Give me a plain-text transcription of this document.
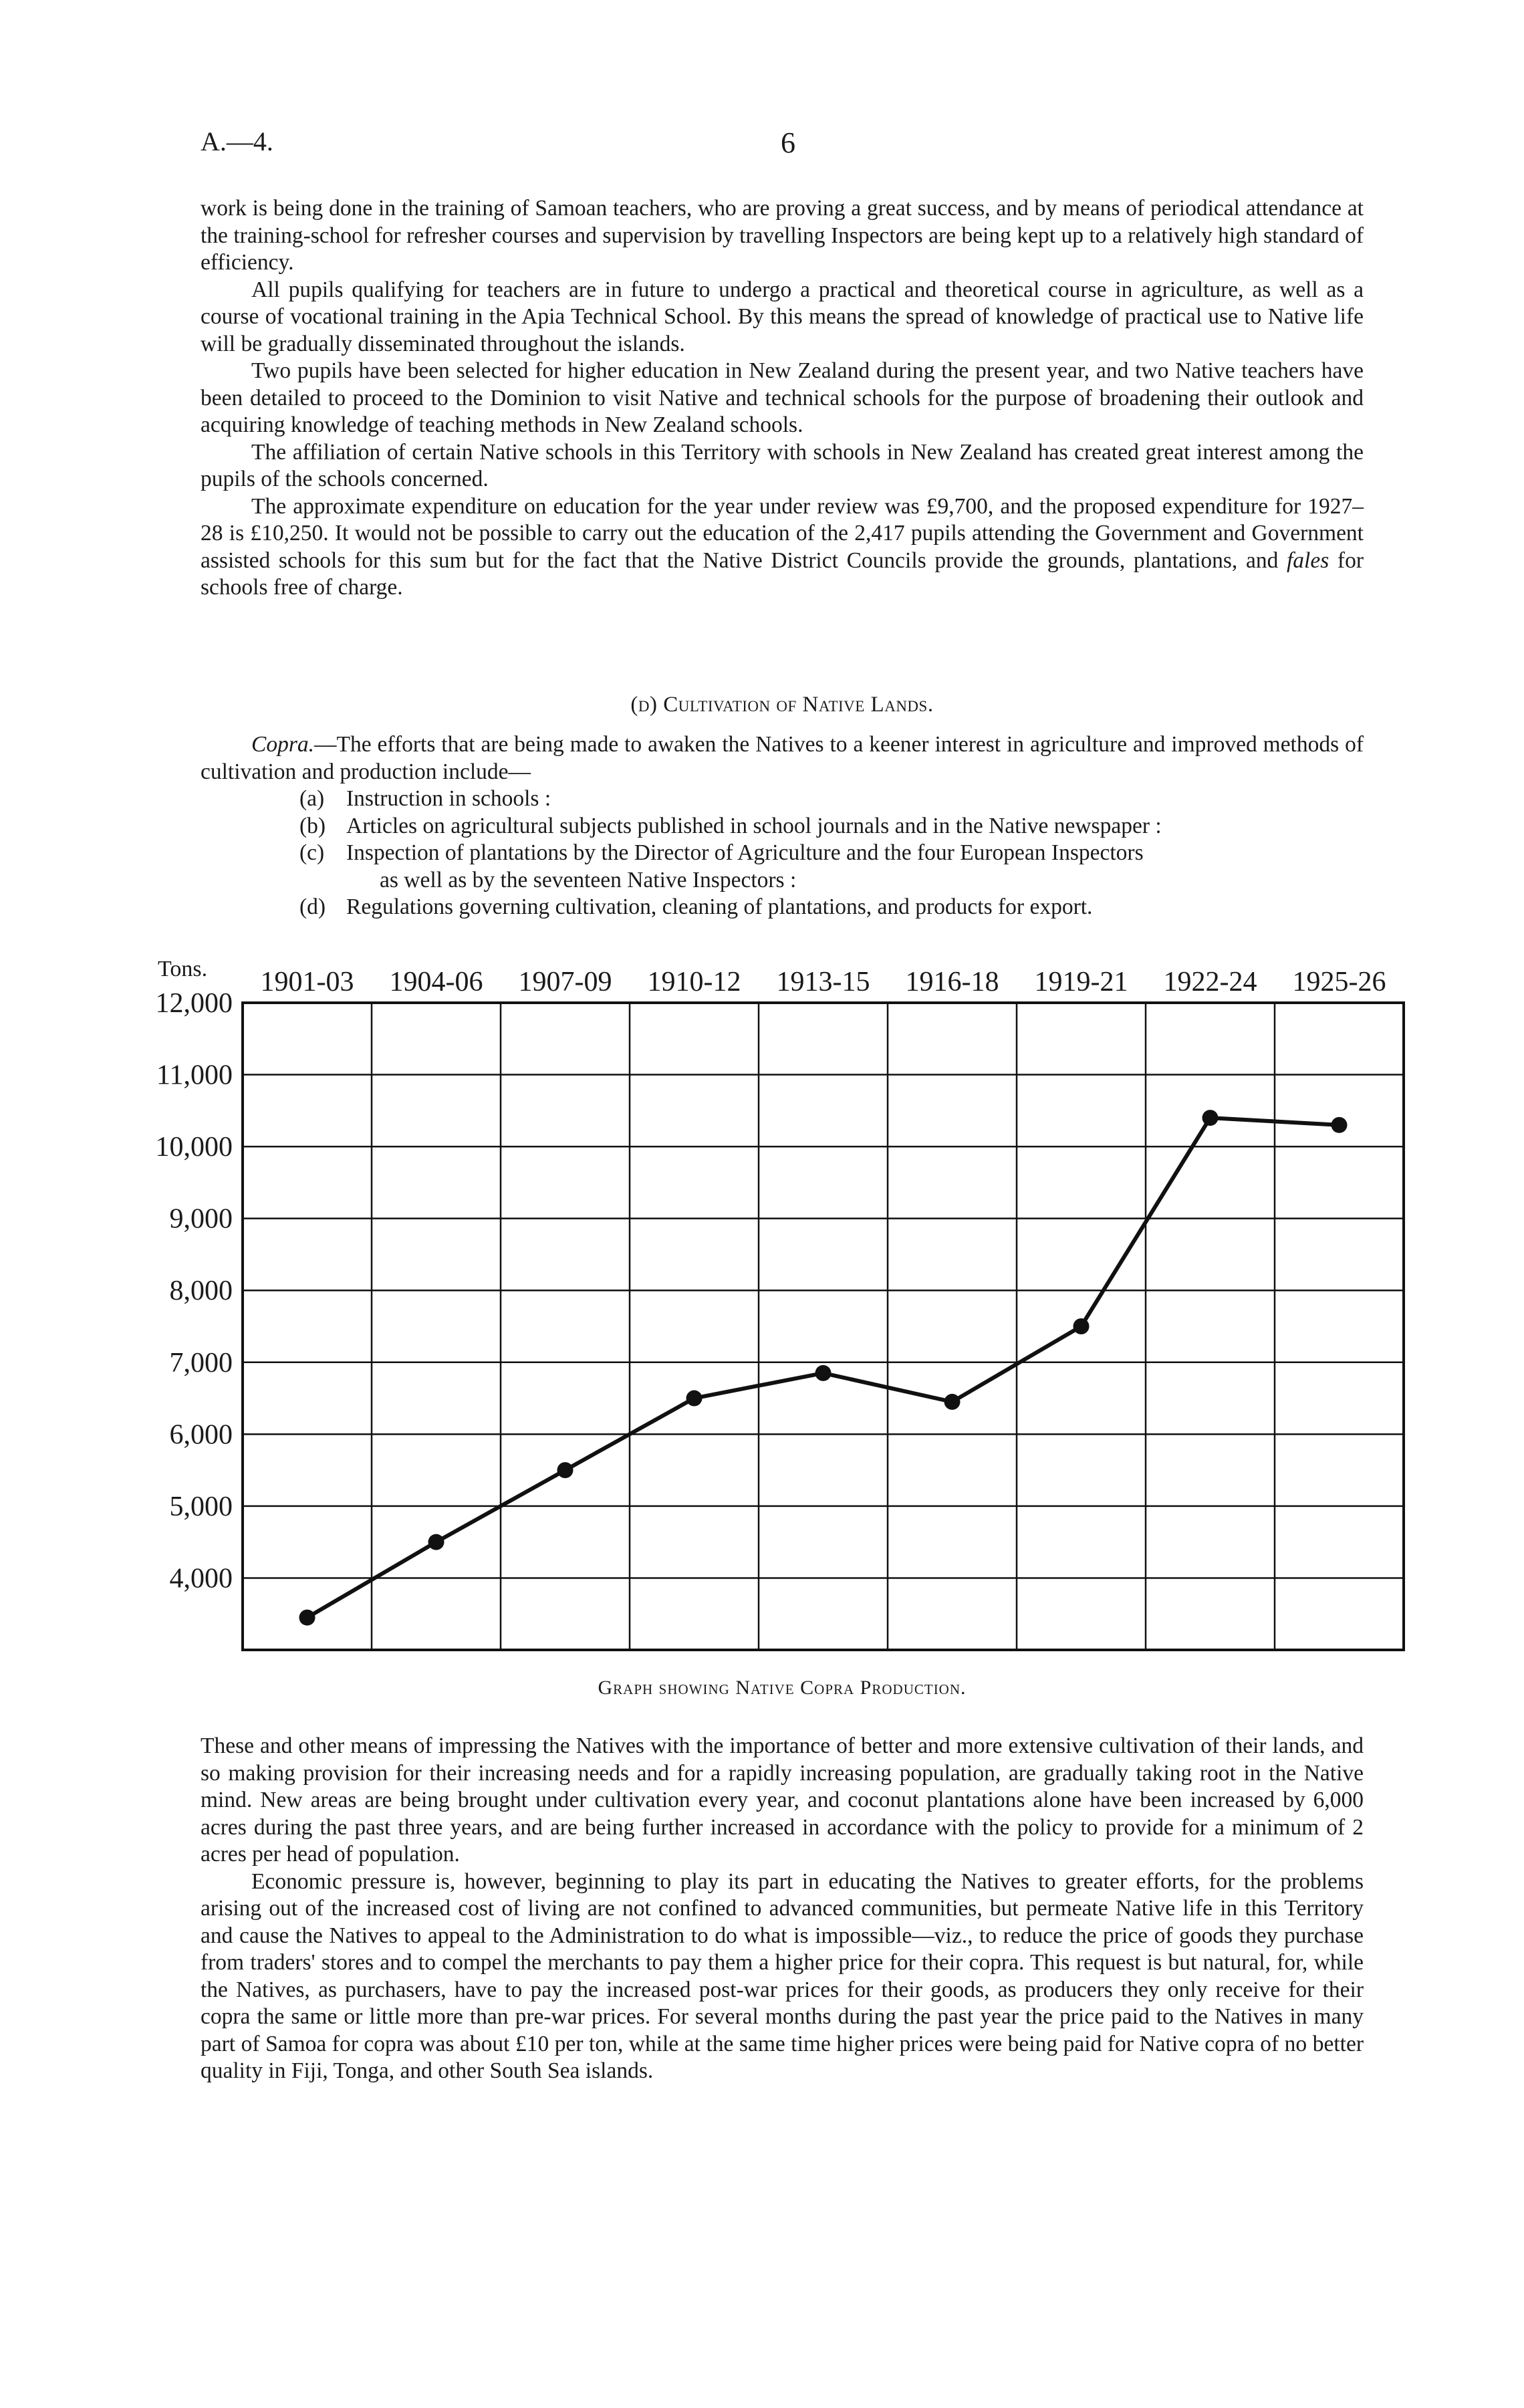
A.—4.	6

work is being done in the training of Samoan teachers, who are proving a great success, and by means of periodical attendance at the training-school for refresher courses and supervision by travelling Inspectors are being kept up to a relatively high standard of efficiency.

All pupils qualifying for teachers are in future to undergo a practical and theoretical course in agriculture, as well as a course of vocational training in the Apia Technical School. By this means the spread of knowledge of practical use to Native life will be gradually disseminated throughout the islands.

Two pupils have been selected for higher education in New Zealand during the present year, and two Native teachers have been detailed to proceed to the Dominion to visit Native and technical schools for the purpose of broadening their outlook and acquiring knowledge of teaching methods in New Zealand schools.

The affiliation of certain Native schools in this Territory with schools in New Zealand has created great interest among the pupils of the schools concerned.

The approximate expenditure on education for the year under review was £9,700, and the proposed expenditure for 1927–28 is £10,250. It would not be possible to carry out the education of the 2,417 pupils attending the Government and Government assisted schools for this sum but for the fact that the Native District Councils provide the grounds, plantations, and fales for schools free of charge.

(d) Cultivation of Native Lands.

Copra.—The efforts that are being made to awaken the Natives to a keener interest in agriculture and improved methods of cultivation and production include—

(a) Instruction in schools :
(b) Articles on agricultural subjects published in school journals and in the Native newspaper :
(c) Inspection of plantations by the Director of Agriculture and the four European Inspectors
as well as by the seventeen Native Inspectors :
(d) Regulations governing cultivation, cleaning of plantations, and products for export.
Tons. 1901-03 1904-06 1907-09 1910-12 1913-15 1916-18 1919-21 1922-24 1925-26
12,000
11,000
10,000
9,000
8,000
7,000
6,000
5,000
4,000
Graph showing Native Copra Production.

These and other means of impressing the Natives with the importance of better and more extensive cultivation of their lands, and so making provision for their increasing needs and for a rapidly increasing population, are gradually taking root in the Native mind. New areas are being brought under cultivation every year, and coconut plantations alone have been increased by 6,000 acres during the past three years, and are being further increased in accordance with the policy to provide for a minimum of 2 acres per head of population.

Economic pressure is, however, beginning to play its part in educating the Natives to greater efforts, for the problems arising out of the increased cost of living are not confined to advanced communities, but permeate Native life in this Territory and cause the Natives to appeal to the Administration to do what is impossible—viz., to reduce the price of goods they purchase from traders' stores and to compel the merchants to pay them a higher price for their copra. This request is but natural, for, while the Natives, as purchasers, have to pay the increased post-war prices for their goods, as producers they only receive for their copra the same or little more than pre-war prices. For several months during the past year the price paid to the Natives in many part of Samoa for copra was about £10 per ton, while at the same time higher prices were being paid for Native copra of no better quality in Fiji, Tonga, and other South Sea islands.
